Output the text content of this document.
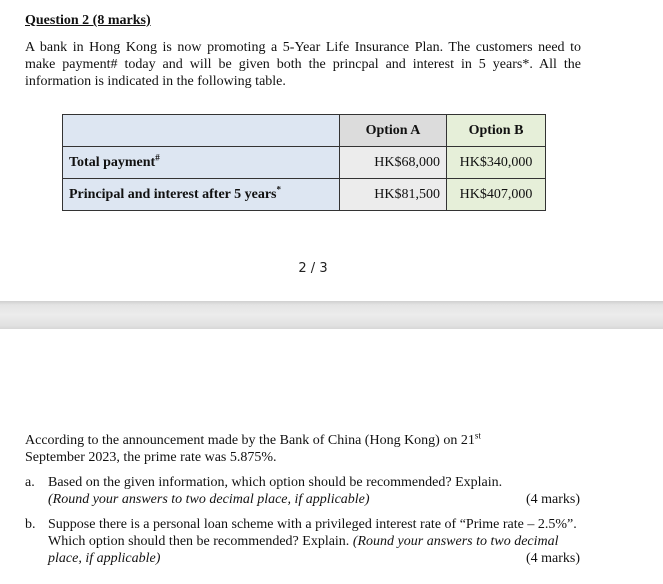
Question 2 (8 marks)
A bank in Hong Kong is now promoting a 5-Year Life Insurance Plan. The customers need to make payment# today and will be given both the princpal and interest in 5 years*. All the information is indicated in the following table.
	Option A	Option B
Total payment#	HK$68,000	HK$340,000
Principal and interest after 5 years*	HK$81,500	HK$407,000
2 / 3
According to the announcement made by the Bank of China (Hong Kong) on 21st
September 2023, the prime rate was 5.875%.
a. Based on the given information, which option should be recommended? Explain.
(Round your answers to two decimal place, if applicable)	(4 marks)
b. Suppose there is a personal loan scheme with a privileged interest rate of “Prime rate – 2.5%”. Which option should then be recommended? Explain. (Round your answers to two decimal place, if applicable)	(4 marks)
